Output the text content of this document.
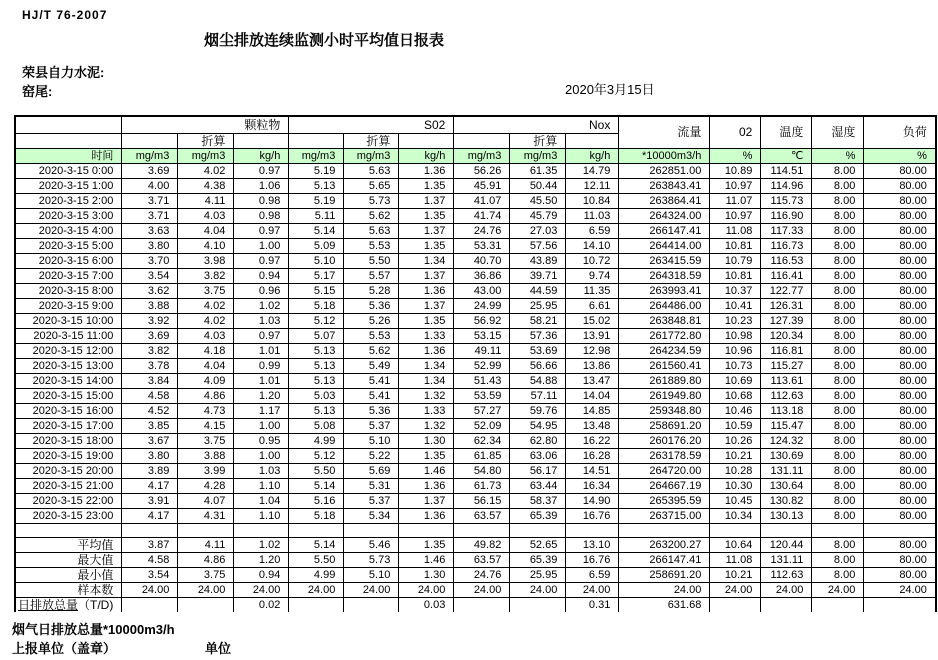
HJ/T 76-2007
烟尘排放连续监测小时平均值日报表
荣县自力水泥:
窑尾:	2020年3月15日
	颗粒物			S02			Nox			流量	02	温度	湿度	负荷
		折算			折算			折算						
时间	mg/m3	mg/m3	kg/h	mg/m3	mg/m3	kg/h	mg/m3	mg/m3	kg/h	*10000m3/h	%	℃	%	%
2020-3-15 0:00	3.69	4.02	0.97	5.19	5.63	1.36	56.26	61.35	14.79	262851.00	10.89	114.51	8.00	80.00
2020-3-15 1:00	4.00	4.38	1.06	5.13	5.65	1.35	45.91	50.44	12.11	263843.41	10.97	114.96	8.00	80.00
2020-3-15 2:00	3.71	4.11	0.98	5.19	5.73	1.37	41.07	45.50	10.84	263864.41	11.07	115.73	8.00	80.00
2020-3-15 3:00	3.71	4.03	0.98	5.11	5.62	1.35	41.74	45.79	11.03	264324.00	10.97	116.90	8.00	80.00
2020-3-15 4:00	3.63	4.04	0.97	5.14	5.63	1.37	24.76	27.03	6.59	266147.41	11.08	117.33	8.00	80.00
2020-3-15 5:00	3.80	4.10	1.00	5.09	5.53	1.35	53.31	57.56	14.10	264414.00	10.81	116.73	8.00	80.00
2020-3-15 6:00	3.70	3.98	0.97	5.10	5.50	1.34	40.70	43.89	10.72	263415.59	10.79	116.53	8.00	80.00
2020-3-15 7:00	3.54	3.82	0.94	5.17	5.57	1.37	36.86	39.71	9.74	264318.59	10.81	116.41	8.00	80.00
2020-3-15 8:00	3.62	3.75	0.96	5.15	5.28	1.36	43.00	44.59	11.35	263993.41	10.37	122.77	8.00	80.00
2020-3-15 9:00	3.88	4.02	1.02	5.18	5.36	1.37	24.99	25.95	6.61	264486.00	10.41	126.31	8.00	80.00
2020-3-15 10:00	3.92	4.02	1.03	5.12	5.26	1.35	56.92	58.21	15.02	263848.81	10.23	127.39	8.00	80.00
2020-3-15 11:00	3.69	4.03	0.97	5.07	5.53	1.33	53.15	57.36	13.91	261772.80	10.98	120.34	8.00	80.00
2020-3-15 12:00	3.82	4.18	1.01	5.13	5.62	1.36	49.11	53.69	12.98	264234.59	10.96	116.81	8.00	80.00
2020-3-15 13:00	3.78	4.04	0.99	5.13	5.49	1.34	52.99	56.66	13.86	261560.41	10.73	115.27	8.00	80.00
2020-3-15 14:00	3.84	4.09	1.01	5.13	5.41	1.34	51.43	54.88	13.47	261889.80	10.69	113.61	8.00	80.00
2020-3-15 15:00	4.58	4.86	1.20	5.03	5.41	1.32	53.59	57.11	14.04	261949.80	10.68	112.63	8.00	80.00
2020-3-15 16:00	4.52	4.73	1.17	5.13	5.36	1.33	57.27	59.76	14.85	259348.80	10.46	113.18	8.00	80.00
2020-3-15 17:00	3.85	4.15	1.00	5.08	5.37	1.32	52.09	54.95	13.48	258691.20	10.59	115.47	8.00	80.00
2020-3-15 18:00	3.67	3.75	0.95	4.99	5.10	1.30	62.34	62.80	16.22	260176.20	10.26	124.32	8.00	80.00
2020-3-15 19:00	3.80	3.88	1.00	5.12	5.22	1.35	61.85	63.06	16.28	263178.59	10.21	130.69	8.00	80.00
2020-3-15 20:00	3.89	3.99	1.03	5.50	5.69	1.46	54.80	56.17	14.51	264720.00	10.28	131.11	8.00	80.00
2020-3-15 21:00	4.17	4.28	1.10	5.14	5.31	1.36	61.73	63.44	16.34	264667.19	10.30	130.64	8.00	80.00
2020-3-15 22:00	3.91	4.07	1.04	5.16	5.37	1.37	56.15	58.37	14.90	265395.59	10.45	130.82	8.00	80.00
2020-3-15 23:00	4.17	4.31	1.10	5.18	5.34	1.36	63.57	65.39	16.76	263715.00	10.34	130.13	8.00	80.00

平均值	3.87	4.11	1.02	5.14	5.46	1.35	49.82	52.65	13.10	263200.27	10.64	120.44	8.00	80.00
最大值	4.58	4.86	1.20	5.50	5.73	1.46	63.57	65.39	16.76	266147.41	11.08	131.11	8.00	80.00
最小值	3.54	3.75	0.94	4.99	5.10	1.30	24.76	25.95	6.59	258691.20	10.21	112.63	8.00	80.00
样本数	24.00	24.00	24.00	24.00	24.00	24.00	24.00	24.00	24.00	24.00	24.00	24.00	24.00	24.00
日排放总量（T/D)			0.02			0.03			0.31	631.68				
烟气日排放总量*10000m3/h
上报单位（盖章）	单位
